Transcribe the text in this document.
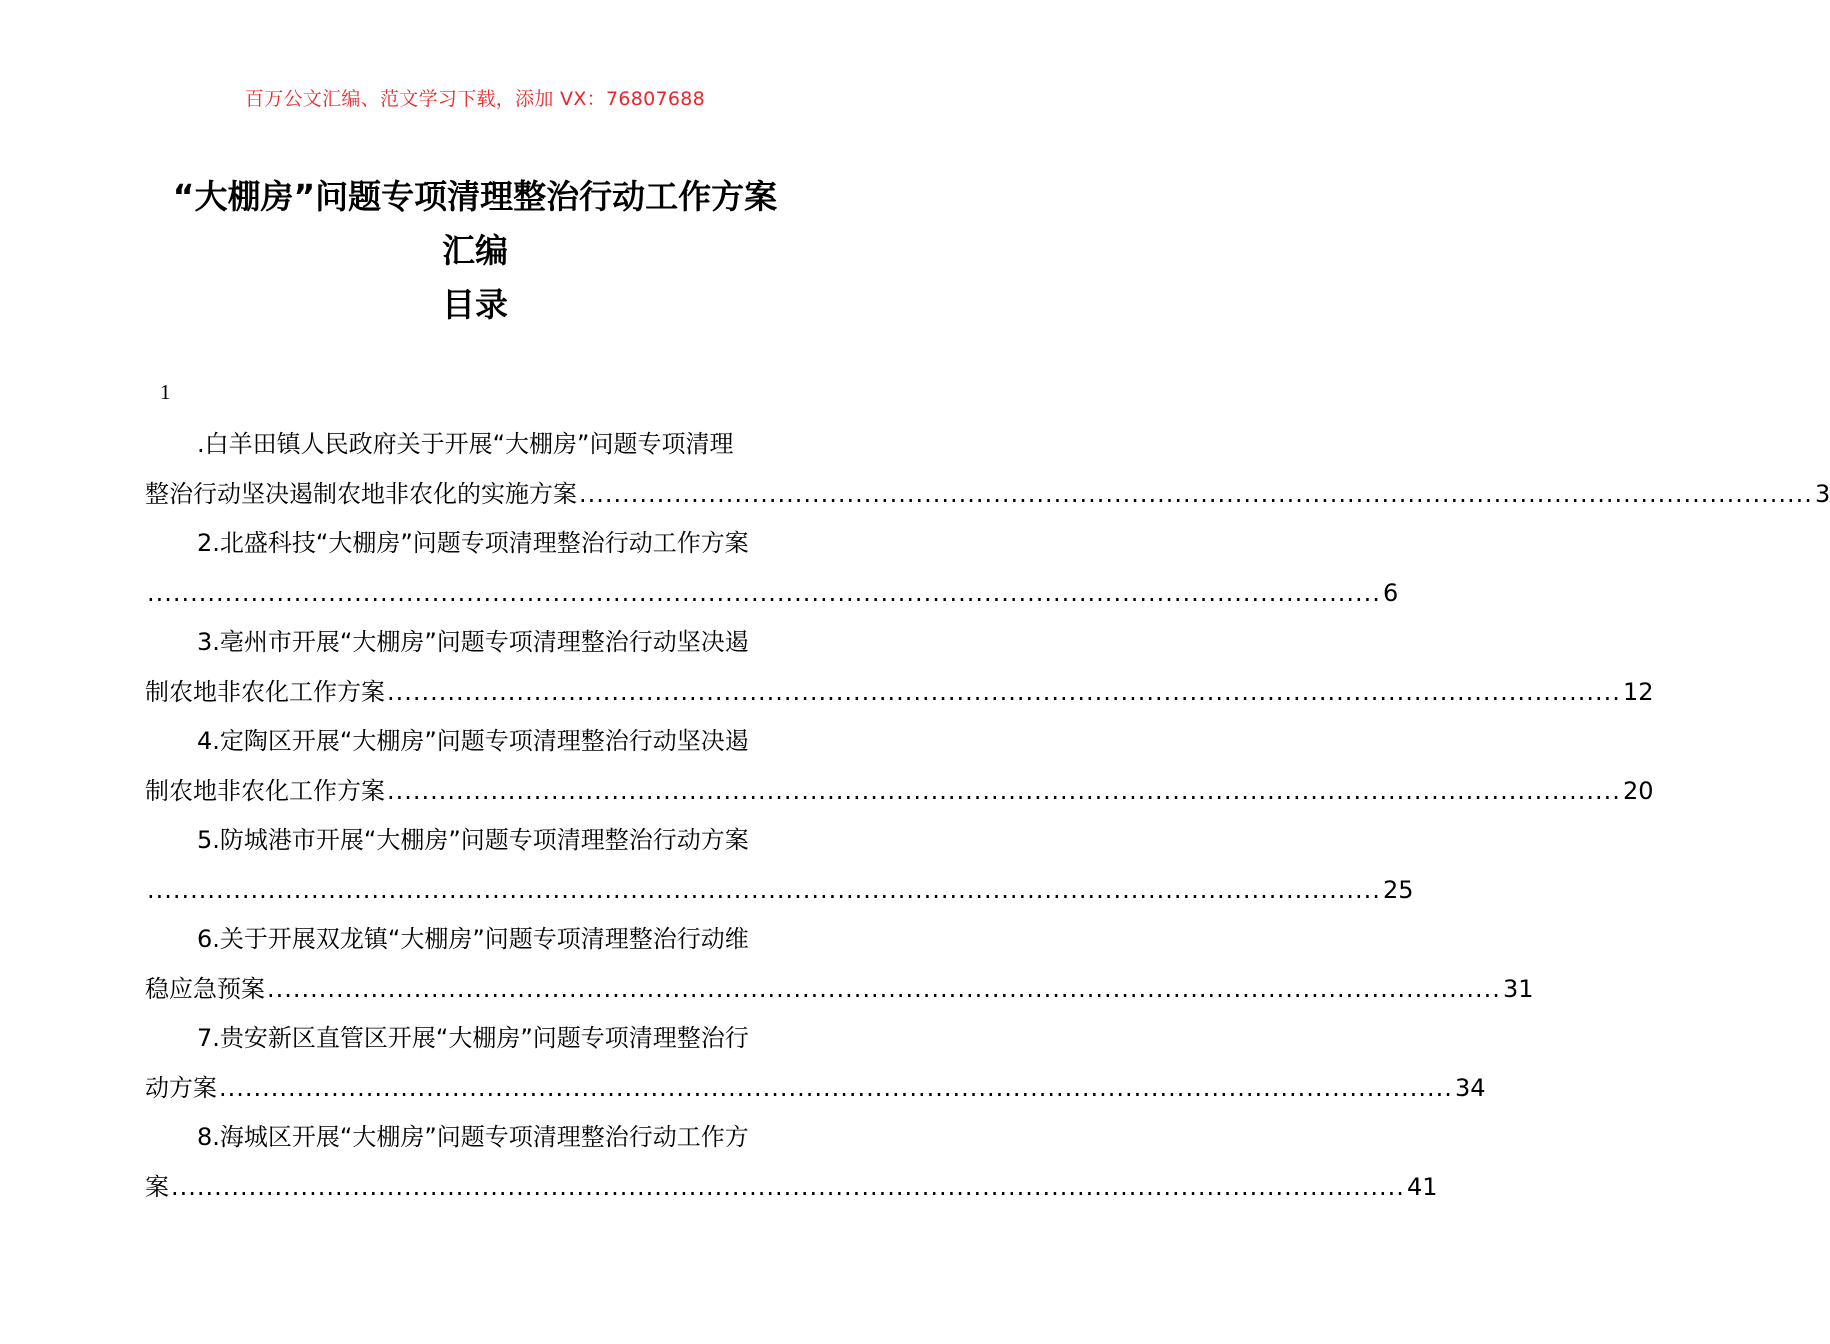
百万公文汇编、范文学习下载，添加 VX：76807688
“大棚房”问题专项清理整治行动工作方案
汇编
目录
1
.白羊田镇人民政府关于开展“大棚房”问题专项清理
整治行动坚决遏制农地非农化的实施方案 ............................................................................................................................................... 3
2.北盛科技“大棚房”问题专项清理整治行动工作方案
............................................................................................................................................... 6
3.亳州市开展“大棚房”问题专项清理整治行动坚决遏
制农地非农化工作方案 ............................................................................................................................................... 12
4.定陶区开展“大棚房”问题专项清理整治行动坚决遏
制农地非农化工作方案 ............................................................................................................................................... 20
5.防城港市开展“大棚房”问题专项清理整治行动方案
............................................................................................................................................... 25
6.关于开展双龙镇“大棚房”问题专项清理整治行动维
稳应急预案 ............................................................................................................................................... 31
7.贵安新区直管区开展“大棚房”问题专项清理整治行
动方案 ............................................................................................................................................... 34
8.海城区开展“大棚房”问题专项清理整治行动工作方
案 ............................................................................................................................................... 41
